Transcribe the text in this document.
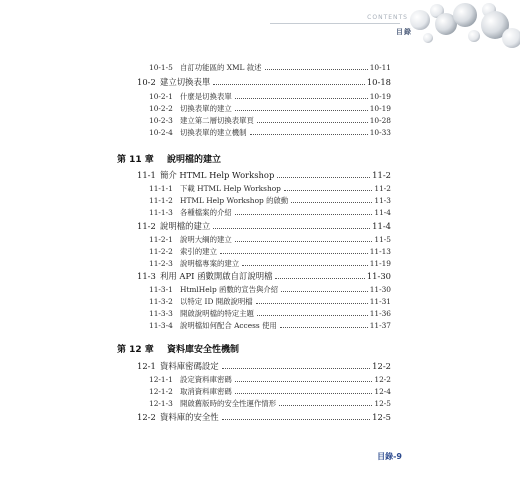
CONTENTS
目錄
10-1-5 自訂功能區的 XML 敘述	10-11
10-2 建立切換表單	10-18
10-2-1 什麼是切換表單	10-19
10-2-2 切換表單的建立	10-19
10-2-3 建立第二層切換表單頁	10-28
10-2-4 切換表單的建立機制	10-33
第 11 章 說明檔的建立
11-1 簡介 HTML Help Workshop	11-2
11-1-1 下載 HTML Help Workshop	11-2
11-1-2 HTML Help Workshop 的啟動	11-3
11-1-3 各種檔案的介紹	11-4
11-2 說明檔的建立	11-4
11-2-1 說明大綱的建立	11-5
11-2-2 索引的建立	11-13
11-2-3 說明檔專案的建立	11-19
11-3 利用 API 函數開啟自訂說明檔	11-30
11-3-1 HtmlHelp 函數的宣告與介紹	11-30
11-3-2 以特定 ID 開啟說明檔	11-31
11-3-3 開啟說明檔的特定主題	11-36
11-3-4 說明檔如何配合 Access 使用	11-37
第 12 章 資料庫安全性機制
12-1 資料庫密碼設定	12-2
12-1-1 設定資料庫密碼	12-2
12-1-2 取消資料庫密碼	12-4
12-1-3 開啟舊版時的安全性運作情形	12-5
12-2 資料庫的安全性	12-5
目錄-9
